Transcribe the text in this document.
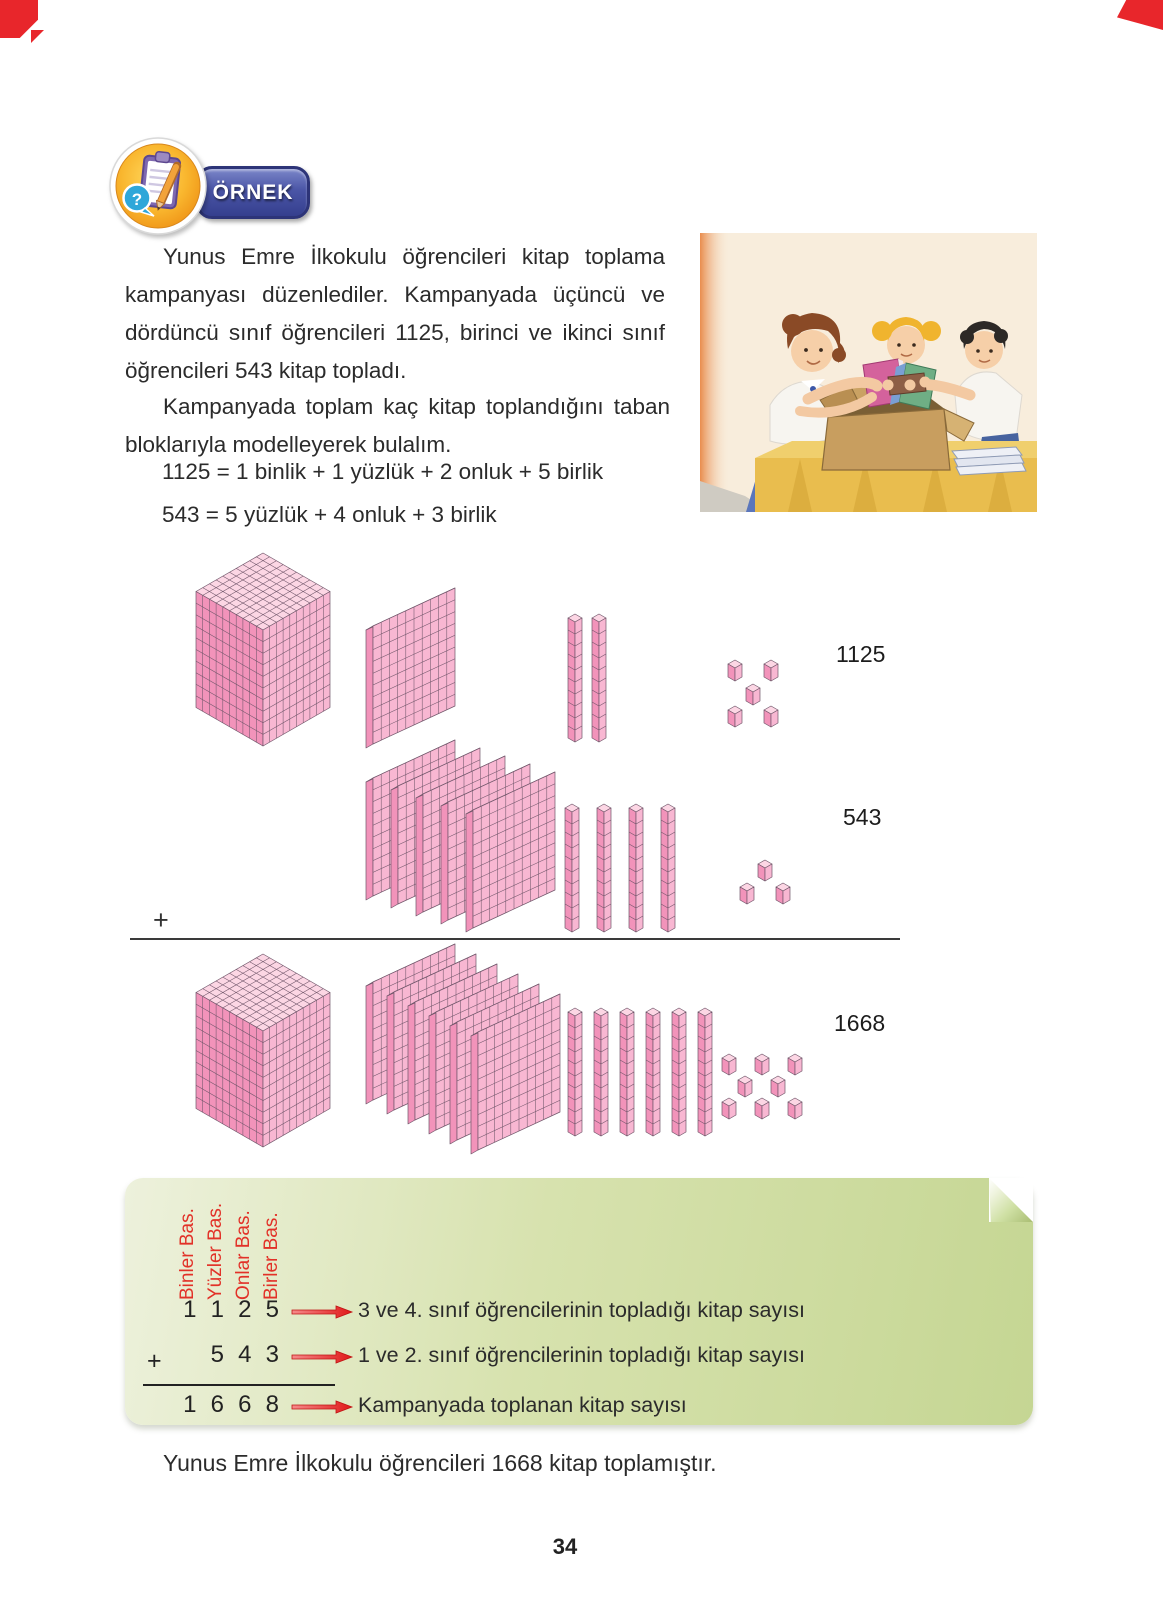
ÖRNEK
?
Yunus Emre İlkokulu öğrencileri kitap toplama kampanyası düzenlediler. Kampanyada üçüncü ve dördüncü sınıf öğrencileri 1125, birinci ve ikinci sınıf öğrencileri 543 kitap topladı.
Kampanyada toplam kaç kitap toplandığını taban bloklarıyla modelleyerek bulalım.
1125 = 1 binlik + 1 yüzlük + 2 onluk + 5 birlik
543 = 5 yüzlük + 4 onluk + 3 birlik
1125
543
1668
+
Binler Bas. Yüzler Bas. Onlar Bas. Birler Bas.
1 1 2 5
5 4 3
1 6 6 8
+
3 ve 4. sınıf öğrencilerinin topladığı kitap sayısı
1 ve 2. sınıf öğrencilerinin topladığı kitap sayısı
Kampanyada toplanan kitap sayısı
Yunus Emre İlkokulu öğrencileri 1668 kitap toplamıştır.
34
